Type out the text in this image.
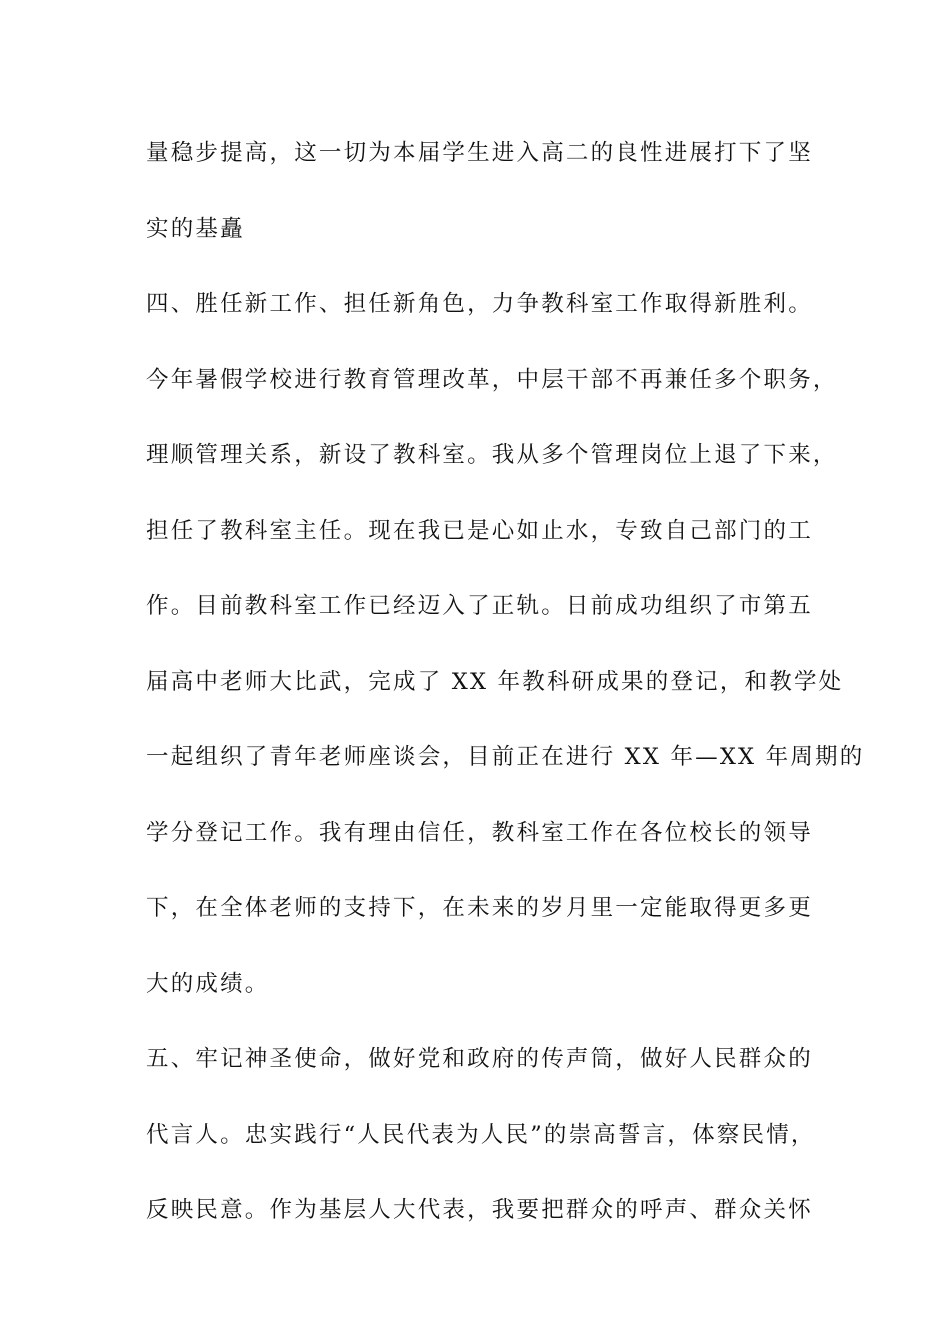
量稳步提高，这一切为本届学生进入高二的良性进展打下了坚
实的基矗
四、胜任新工作、担任新角色，力争教科室工作取得新胜利。
今年暑假学校进行教育管理改革，中层干部不再兼任多个职务，
理顺管理关系，新设了教科室。我从多个管理岗位上退了下来，
担任了教科室主任。现在我已是心如止水，专致自己部门的工
作。目前教科室工作已经迈入了正轨。日前成功组织了市第五
届高中老师大比武，完成了 XX 年教科研成果的登记，和教学处
一起组织了青年老师座谈会，目前正在进行 XX 年—XX 年周期的
学分登记工作。我有理由信任，教科室工作在各位校长的领导
下，在全体老师的支持下，在未来的岁月里一定能取得更多更
大的成绩。
五、牢记神圣使命，做好党和政府的传声筒，做好人民群众的
代言人。忠实践行“人民代表为人民”的崇高誓言，体察民情，
反映民意。作为基层人大代表，我要把群众的呼声、群众关怀
